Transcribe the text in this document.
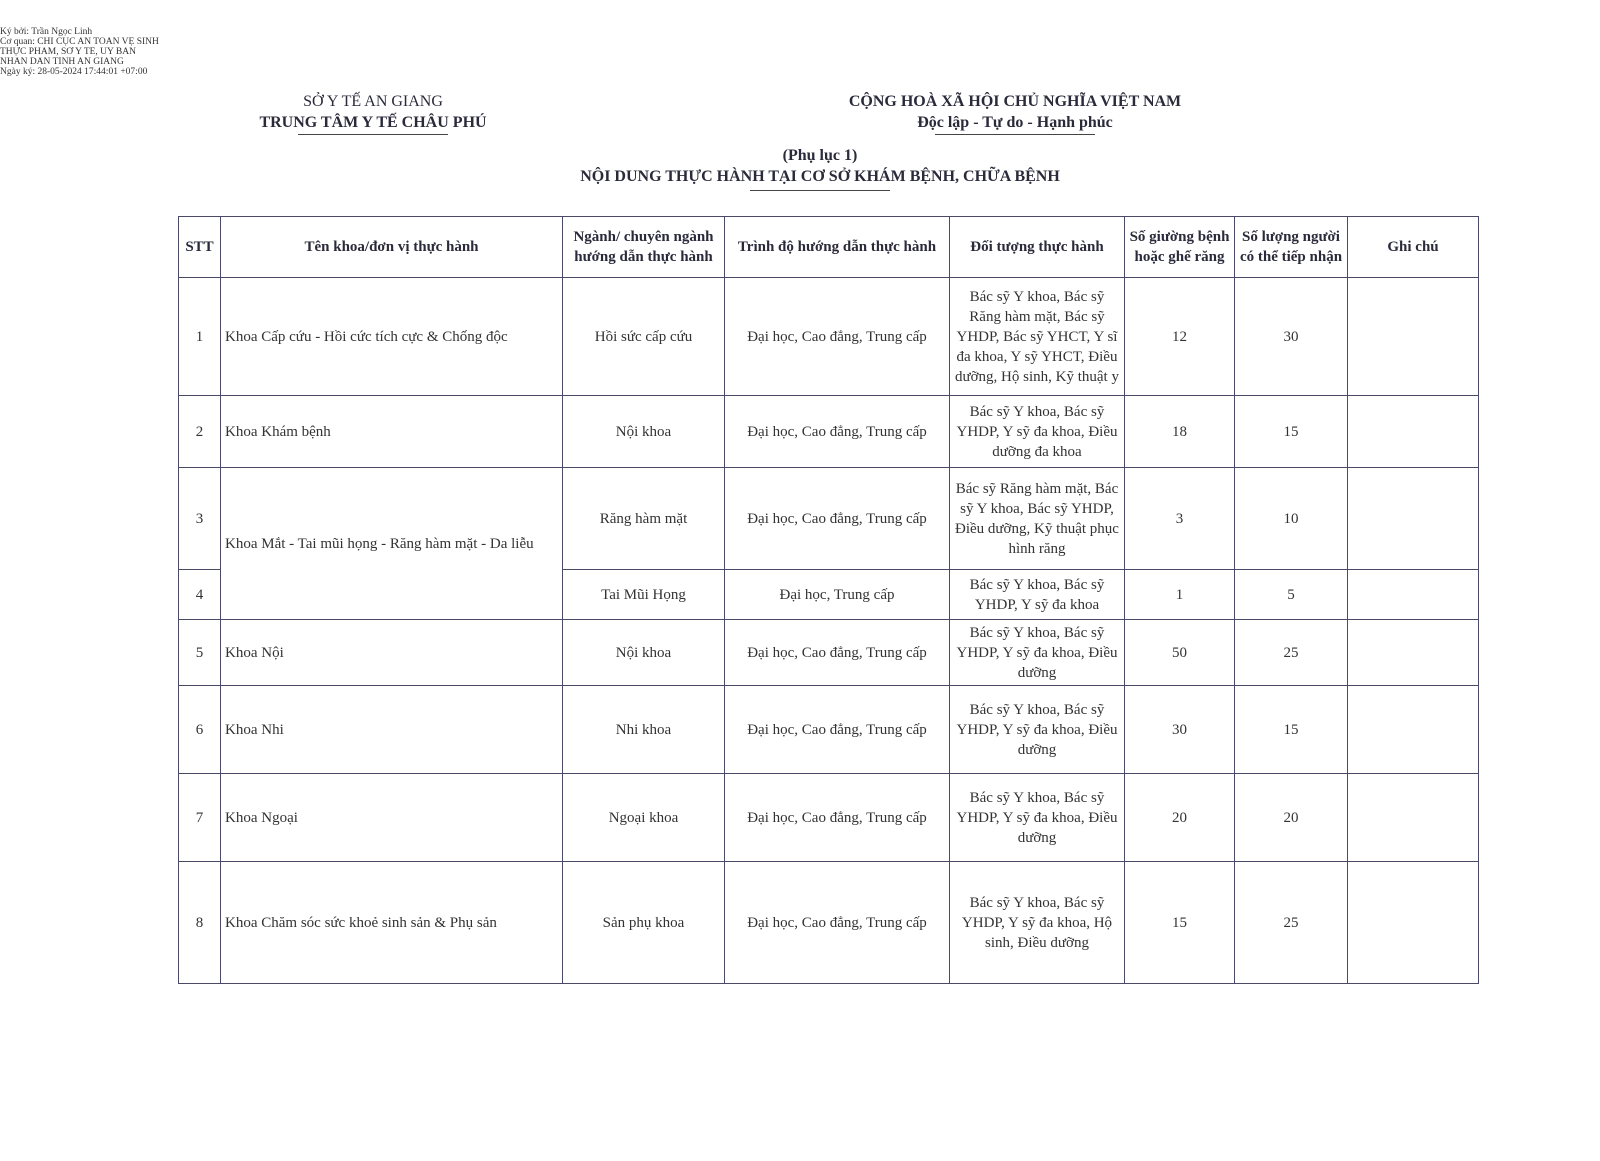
Ký bởi: Trần Ngọc Linh
Cơ quan: CHI CỤC AN TOÀN VỆ SINH
THỰC PHẨM, SỞ Y TẾ, ỦY BAN
NHÂN DÂN TỈNH AN GIANG
Ngày ký: 28-05-2024 17:44:01 +07:00
SỞ Y TẾ AN GIANG
TRUNG TÂM Y TẾ CHÂU PHÚ
CỘNG HOÀ XÃ HỘI CHỦ NGHĨA VIỆT NAM
Độc lập - Tự do - Hạnh phúc
(Phụ lục 1)
NỘI DUNG THỰC HÀNH TẠI CƠ SỞ KHÁM BỆNH, CHỮA BỆNH
STT	Tên khoa/đơn vị thực hành	Ngành/ chuyên ngành hướng dẫn thực hành	Trình độ hướng dẫn thực hành	Đối tượng thực hành	Số giường bệnh hoặc ghế răng	Số lượng người có thể tiếp nhận	Ghi chú
1	Khoa Cấp cứu - Hồi cức tích cực & Chống độc	Hồi sức cấp cứu	Đại học, Cao đẳng, Trung cấp	Bác sỹ Y khoa, Bác sỹ Răng hàm mặt, Bác sỹ YHDP, Bác sỹ YHCT, Y sĩ đa khoa, Y sỹ YHCT, Điều dưỡng, Hộ sinh, Kỹ thuật y	12	30	
2	Khoa Khám bệnh	Nội khoa	Đại học, Cao đẳng, Trung cấp	Bác sỹ Y khoa, Bác sỹ YHDP, Y sỹ đa khoa, Điều dưỡng đa khoa	18	15	
3	Khoa Mắt - Tai mũi họng - Răng hàm mặt - Da liễu	Răng hàm mặt	Đại học, Cao đẳng, Trung cấp	Bác sỹ Răng hàm mặt, Bác sỹ Y khoa, Bác sỹ YHDP, Điều dưỡng, Kỹ thuật phục hình răng	3	10	
4		Tai Mũi Họng	Đại học, Trung cấp	Bác sỹ Y khoa, Bác sỹ YHDP, Y sỹ đa khoa	1	5	
5	Khoa Nội	Nội khoa	Đại học, Cao đẳng, Trung cấp	Bác sỹ Y khoa, Bác sỹ YHDP, Y sỹ đa khoa, Điều dưỡng	50	25	
6	Khoa Nhi	Nhi khoa	Đại học, Cao đẳng, Trung cấp	Bác sỹ Y khoa, Bác sỹ YHDP, Y sỹ đa khoa, Điều dưỡng	30	15	
7	Khoa Ngoại	Ngoại khoa	Đại học, Cao đẳng, Trung cấp	Bác sỹ Y khoa, Bác sỹ YHDP, Y sỹ đa khoa, Điều dưỡng	20	20	
8	Khoa Chăm sóc sức khoẻ sinh sản & Phụ sản	Sản phụ khoa	Đại học, Cao đẳng, Trung cấp	Bác sỹ Y khoa, Bác sỹ YHDP, Y sỹ đa khoa, Hộ sinh, Điều dưỡng	15	25	
